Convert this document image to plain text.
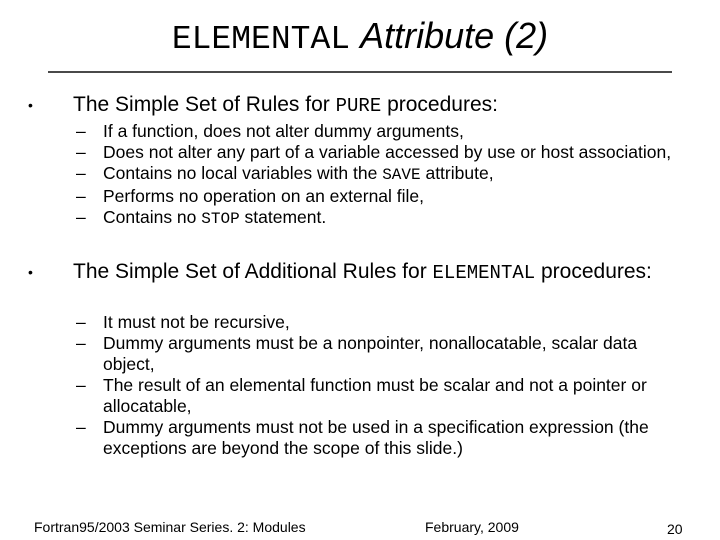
ELEMENTAL Attribute (2)
• The Simple Set of Rules for PURE procedures:

– If a function, does not alter dummy arguments,

– Does not alter any part of a variable accessed by use or host association,

– Contains no local variables with the SAVE attribute,

– Performs no operation on an external file,

– Contains no STOP statement.

• The Simple Set of Additional Rules for ELEMENTAL procedures:

– It must not be recursive,

– Dummy arguments must be a nonpointer, nonallocatable, scalar data object,

– The result of an elemental function must be scalar and not a pointer or allocatable,

– Dummy arguments must not be used in a specification expression (the exceptions are beyond the scope of this slide.)

Fortran95/2003 Seminar Series. 2: Modules	February, 2009	20
